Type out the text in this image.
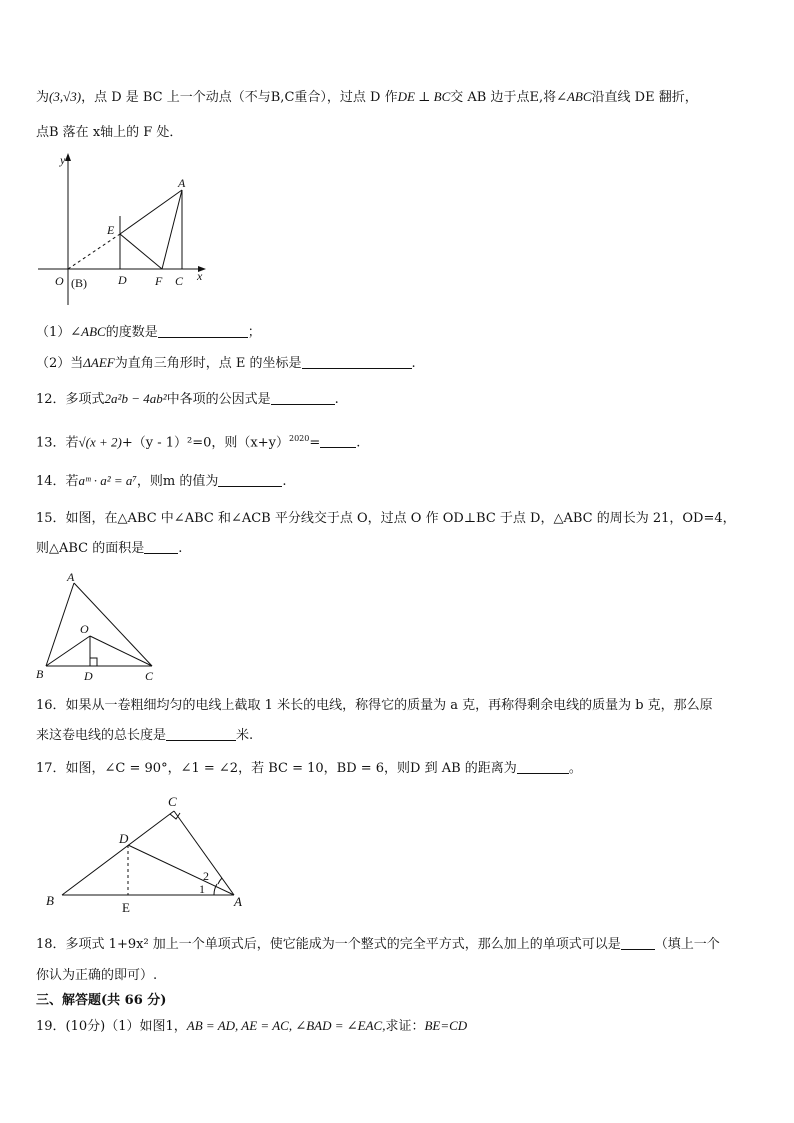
为(3,√3)，点 D 是 BC 上一个动点（不与B,C重合），过点 D 作DE ⊥ BC交 AB 边于点E,将∠ABC沿直线 DE 翻折，
点B 落在 x轴上的 F 处．
y
A
E
O (B)	D F C x
（1）∠ABC的度数是	；
（2）当ΔAEF为直角三角形时，点 E 的坐标是	.
12．多项式2a²b − 4ab²中各项的公因式是	.
13．若√(x + 2)+（y - 1）²=0，则$(x+y)^{2020}=$	.
14．若aᵐ · a² = a⁷，则m 的值为	.
15．如图，在△ABC 中∠ABC 和∠ACB 平分线交于点 O，过点 O 作 OD⊥BC 于点 D，△ABC 的周长为 21，OD=4，
则△ABC 的面积是	.
A
O
B	D	C
16．如果从一卷粗细均匀的电线上截取 1 米长的电线，称得它的质量为 a 克，再称得剩余电线的质量为 b 克，那么原
来这卷电线的总长度是	米.
17．如图，∠C = 90°，∠1 = ∠2，若 BC = 10，BD = 6，则D 到 AB 的距离为	。
C
D
B	E	A
1
2
18．多项式 1+9x² 加上一个单项式后，使它能成为一个整式的完全平方式，那么加上的单项式可以是	（填上一个
你认为正确的即可）.
三、解答题(共 66 分)
19．(10分)（1）如图1，AB = AD, AE = AC, ∠BAD = ∠EAC,求证：BE=CD
